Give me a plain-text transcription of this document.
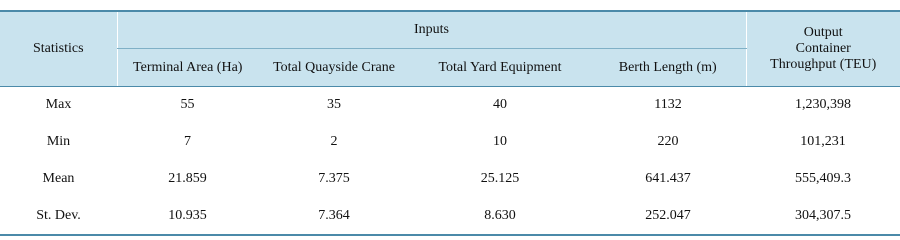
Statistics	Inputs				Output
Container
Throughput (TEU)

	Terminal Area (Ha)	Total Quayside Crane	Total Yard Equipment	Berth Length (m)	
Max	55	35	40	1132	1,230,398
Min	7	2	10	220	101,231
Mean	21.859	7.375	25.125	641.437	555,409.3
St. Dev.	10.935	7.364	8.630	252.047	304,307.5
